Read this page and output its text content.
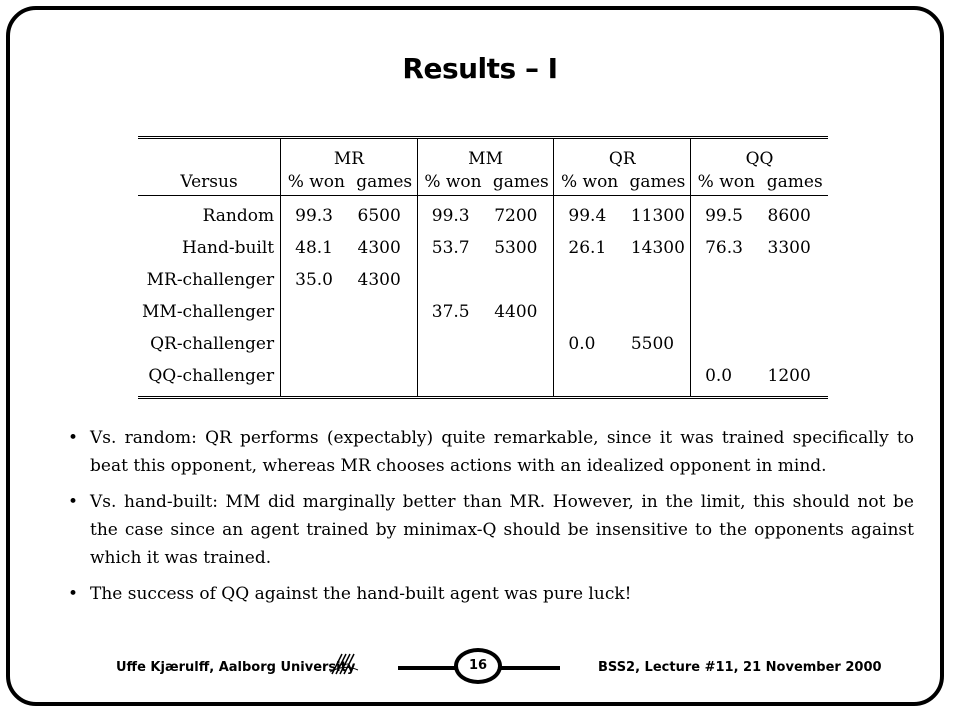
Results – I
	MR		MM		QR		QQ	
Versus	% won	games	% won	games	% won	games	% won	games
Random	99.3	6500	99.3	7200	99.4	11300	99.5	8600
Hand-built	48.1	4300	53.7	5300	26.1	14300	76.3	3300
MR-challenger	35.0	4300						
MM-challenger			37.5	4400				
QR-challenger					0.0	5500		
QQ-challenger							0.0	1200
• Vs. random: QR performs (expectably) quite remarkable, since it was trained specifically to beat this opponent, whereas MR chooses actions with an idealized opponent in mind.
• Vs. hand-built: MM did marginally better than MR. However, in the limit, this should not be the case since an agent trained by minimax-Q should be insensitive to the opponents against which it was trained.
• The success of QQ against the hand-built agent was pure luck!
Uffe Kjærulff, Aalborg University	16	BSS2, Lecture #11, 21 November 2000
